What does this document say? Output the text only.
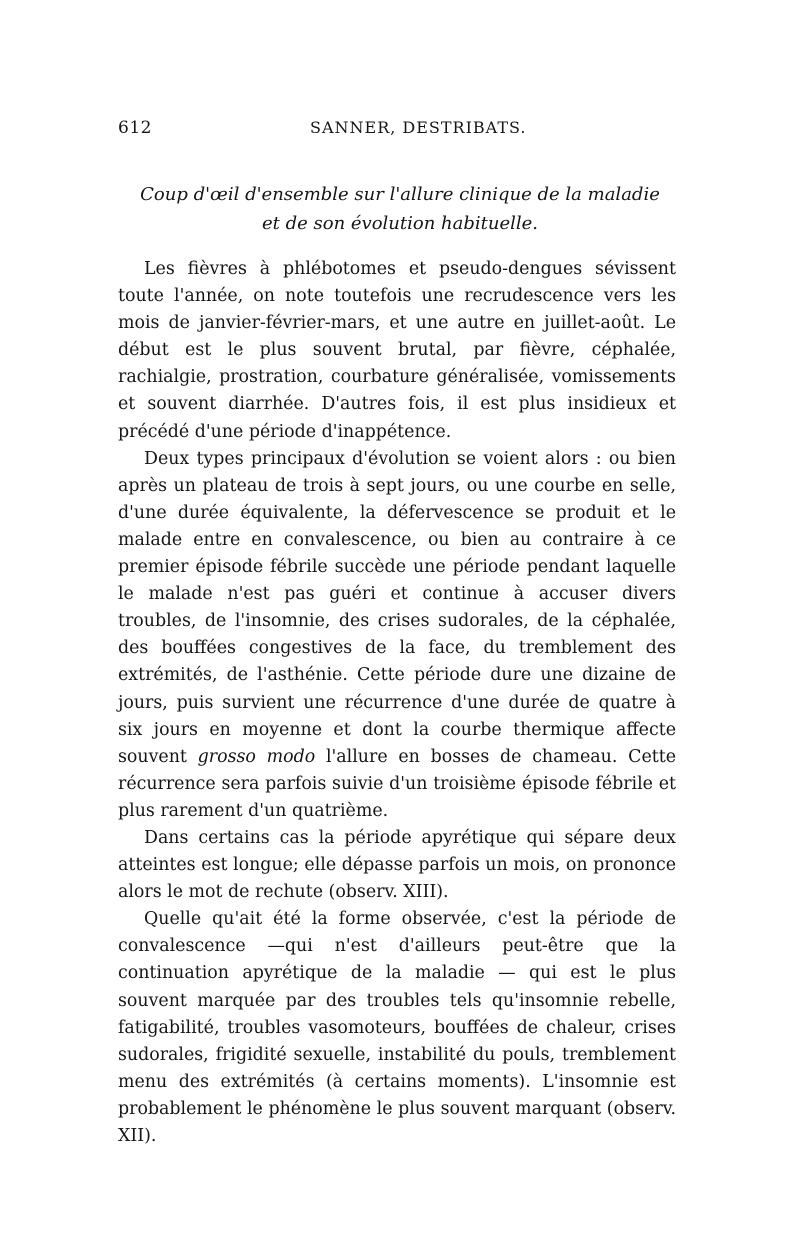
612	SANNER, DESTRIBATS.
Coup d'œil d'ensemble sur l'allure clinique de la maladie
et de son évolution habituelle.

Les fièvres à phlébotomes et pseudo-dengues sévissent toute l'année, on note toutefois une recrudescence vers les mois de janvier-février-mars, et une autre en juillet-août. Le début est le plus souvent brutal, par fièvre, céphalée, rachialgie, prostration, courbature généralisée, vomissements et souvent diarrhée. D'autres fois, il est plus insidieux et précédé d'une période d'inappétence.

Deux types principaux d'évolution se voient alors : ou bien après un plateau de trois à sept jours, ou une courbe en selle, d'une durée équivalente, la défervescence se produit et le malade entre en convalescence, ou bien au contraire à ce premier épisode fébrile succède une période pendant laquelle le malade n'est pas guéri et continue à accuser divers troubles, de l'insomnie, des crises sudorales, de la céphalée, des bouffées congestives de la face, du tremblement des extrémités, de l'asthénie. Cette période dure une dizaine de jours, puis survient une récurrence d'une durée de quatre à six jours en moyenne et dont la courbe thermique affecte souvent grosso modo l'allure en bosses de chameau. Cette récurrence sera parfois suivie d'un troisième épisode fébrile et plus rarement d'un quatrième.

Dans certains cas la période apyrétique qui sépare deux atteintes est longue; elle dépasse parfois un mois, on prononce alors le mot de rechute (observ. XIII).

Quelle qu'ait été la forme observée, c'est la période de convalescence —qui n'est d'ailleurs peut-être que la continuation apyrétique de la maladie — qui est le plus souvent marquée par des troubles tels qu'insomnie rebelle, fatigabilité, troubles vasomoteurs, bouffées de chaleur, crises sudorales, frigidité sexuelle, instabilité du pouls, tremblement menu des extrémités (à certains moments). L'insomnie est probablement le phénomène le plus souvent marquant (observ. XII).
